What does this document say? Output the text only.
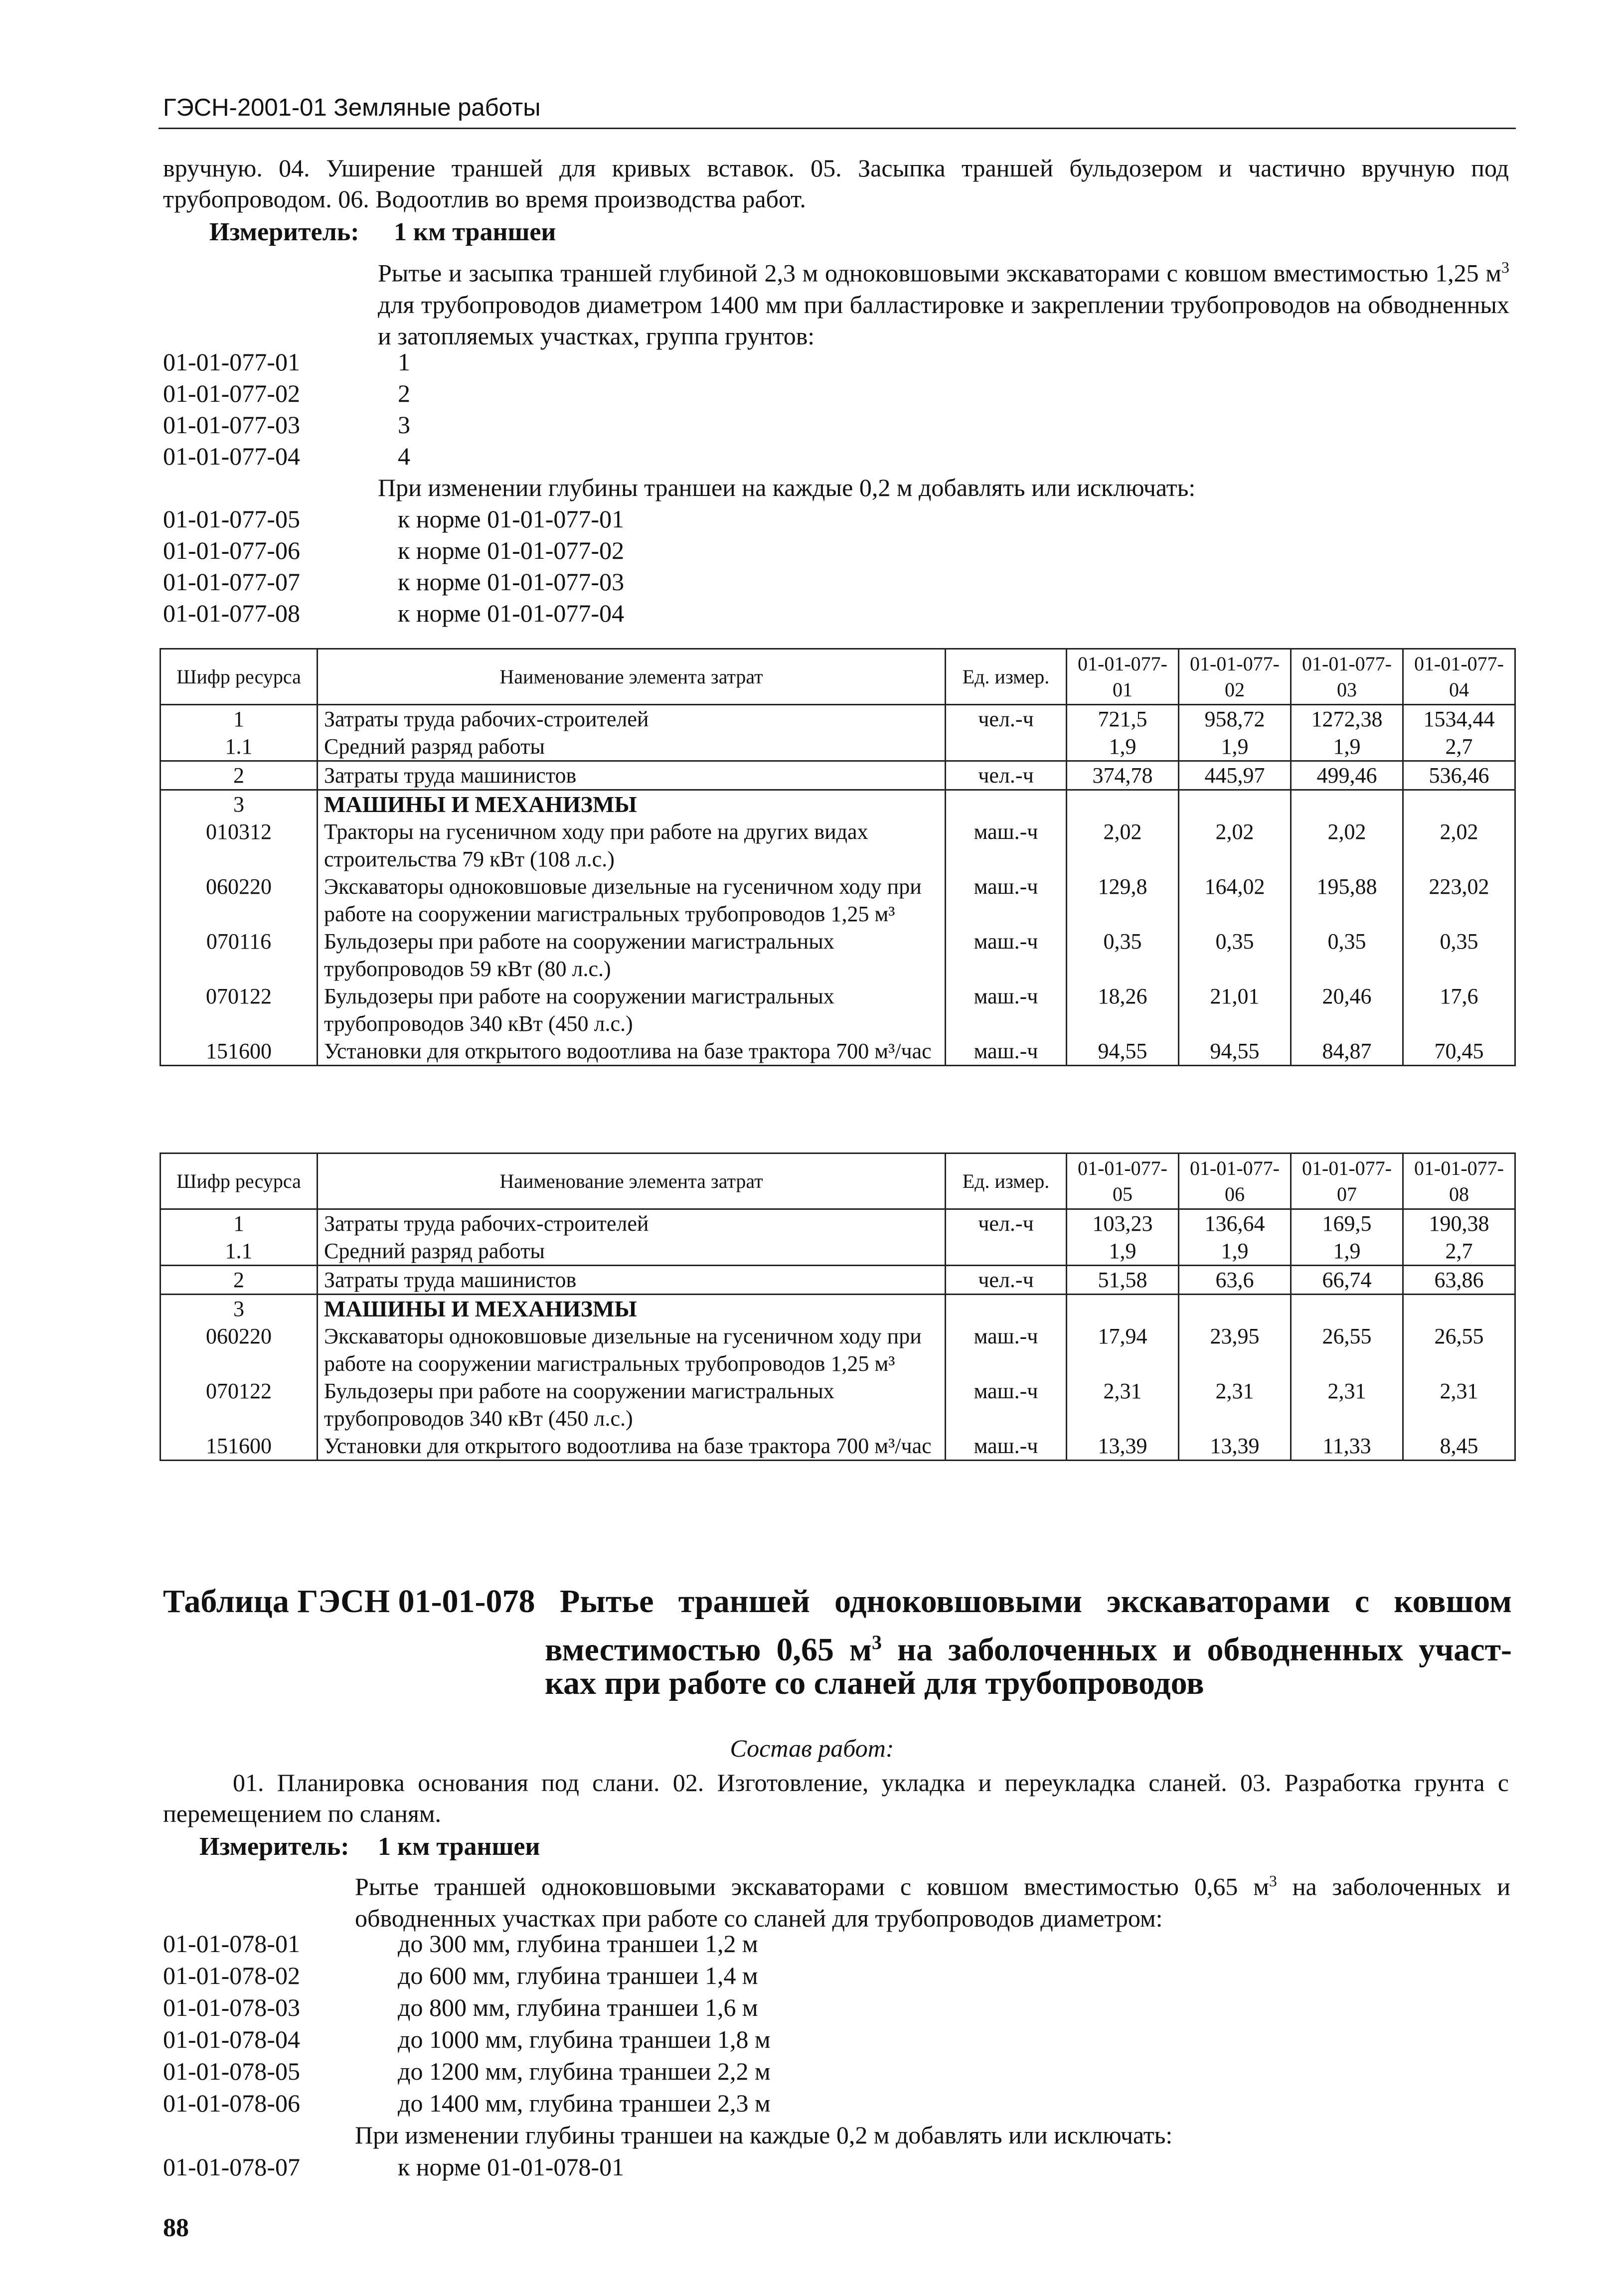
ГЭСН-2001-01 Земляные работы
вручную. 04. Уширение траншей для кривых вставок. 05. Засыпка траншей бульдозером и частично вручную под трубопроводом. 06. Водоотлив во время производства работ.
Измеритель: 1 км траншеи
Рытье и засыпка траншей глубиной 2,3 м одноковшовыми экскаваторами с ковшом вместимостью 1,25 $м^3$ для трубопроводов диаметром 1400 мм при балластировке и закреплении трубопроводов на обводненных и затопляемых участках, группа грунтов:
01-01-077-01	1
01-01-077-02	2
01-01-077-03	3
01-01-077-04	4
При изменении глубины траншеи на каждые 0,2 м добавлять или исключать:
01-01-077-05	к норме 01-01-077-01
01-01-077-06	к норме 01-01-077-02
01-01-077-07	к норме 01-01-077-03
01-01-077-08	к норме 01-01-077-04
Шифр ресурса	Наименование элемента затрат	Ед. измер.	01-01-077-01	01-01-077-02	01-01-077-03	01-01-077-04
1	Затраты труда рабочих-строителей	чел.-ч	721,5	958,72	1272,38	1534,44
1.1	Средний разряд работы		1,9	1,9	1,9	2,7
2	Затраты труда машинистов	чел.-ч	374,78	445,97	499,46	536,46
3	МАШИНЫ И МЕХАНИЗМЫ					
010312	Тракторы на гусеничном ходу при работе на других видах строительства 79 кВт (108 л.с.)	маш.-ч	2,02	2,02	2,02	2,02
060220	Экскаваторы одноковшовые дизельные на гусеничном ходу при работе на сооружении магистральных трубопроводов 1,25 м³	маш.-ч	129,8	164,02	195,88	223,02
070116	Бульдозеры при работе на сооружении магистральных трубопроводов 59 кВт (80 л.с.)	маш.-ч	0,35	0,35	0,35	0,35
070122	Бульдозеры при работе на сооружении магистральных трубопроводов 340 кВт (450 л.с.)	маш.-ч	18,26	21,01	20,46	17,6
151600	Установки для открытого водоотлива на базе трактора 700 м³/час	маш.-ч	94,55	94,55	84,87	70,45
Шифр ресурса	Наименование элемента затрат	Ед. измер.	01-01-077-05	01-01-077-06	01-01-077-07	01-01-077-08
1	Затраты труда рабочих-строителей	чел.-ч	103,23	136,64	169,5	190,38
1.1	Средний разряд работы		1,9	1,9	1,9	2,7
2	Затраты труда машинистов	чел.-ч	51,58	63,6	66,74	63,86
3	МАШИНЫ И МЕХАНИЗМЫ					
060220	Экскаваторы одноковшовые дизельные на гусеничном ходу при работе на сооружении магистральных трубопроводов 1,25 м³	маш.-ч	17,94	23,95	26,55	26,55
070122	Бульдозеры при работе на сооружении магистральных трубопроводов 340 кВт (450 л.с.)	маш.-ч	2,31	2,31	2,31	2,31
151600	Установки для открытого водоотлива на базе трактора 700 м³/час	маш.-ч	13,39	13,39	11,33	8,45
Таблица ГЭСН 01-01-078 Рытье траншей одноковшовыми экскаваторами с ковшом
вместимостью 0,65 $м^3$ на заболоченных и обводненных участ-
ках при работе со сланей для трубопроводов
Состав работ:
01. Планировка основания под слани. 02. Изготовление, укладка и переукладка сланей. 03. Разработка грунта с перемещением по сланям.
Измеритель: 1 км траншеи
Рытье траншей одноковшовыми экскаваторами с ковшом вместимостью 0,65 $м^3$ на заболоченных и обводненных участках при работе со сланей для трубопроводов диаметром:
01-01-078-01	до 300 мм, глубина траншеи 1,2 м
01-01-078-02	до 600 мм, глубина траншеи 1,4 м
01-01-078-03	до 800 мм, глубина траншеи 1,6 м
01-01-078-04	до 1000 мм, глубина траншеи 1,8 м
01-01-078-05	до 1200 мм, глубина траншеи 2,2 м
01-01-078-06	до 1400 мм, глубина траншеи 2,3 м
При изменении глубины траншеи на каждые 0,2 м добавлять или исключать:
01-01-078-07	к норме 01-01-078-01
88
